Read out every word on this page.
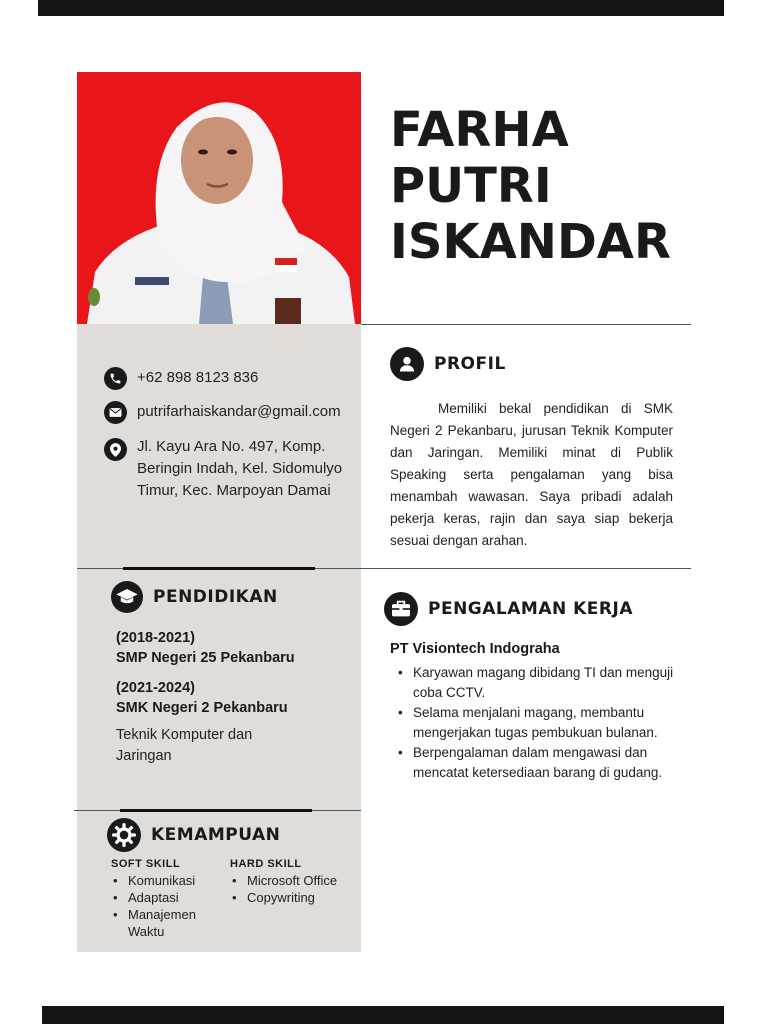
FARHA
PUTRI
ISKANDAR
+62 898 8123 836
putrifarhaiskandar@gmail.com
Jl. Kayu Ara No. 497, Komp.
Beringin Indah, Kel. Sidomulyo
Timur, Kec. Marpoyan Damai
PROFIL
Memiliki bekal pendidikan di SMK Negeri 2 Pekanbaru, jurusan Teknik Komputer dan Jaringan. Memiliki minat di Publik Speaking serta pengalaman yang bisa menambah wawasan. Saya pribadi adalah pekerja keras, rajin dan saya siap bekerja sesuai dengan arahan.
PENDIDIKAN
(2018-2021)
SMP Negeri 25 Pekanbaru
(2021-2024)
SMK Negeri 2 Pekanbaru
Teknik Komputer dan Jaringan
PENGALAMAN KERJA
PT Visiontech Indograha
• Karyawan magang dibidang TI dan menguji coba CCTV.
• Selama menjalani magang, membantu mengerjakan tugas pembukuan bulanan.
• Berpengalaman dalam mengawasi dan mencatat ketersediaan barang di gudang.
KEMAMPUAN
SOFT SKILL
• Komunikasi
• Adaptasi
• Manajemen Waktu
HARD SKILL
• Microsoft Office
• Copywriting
